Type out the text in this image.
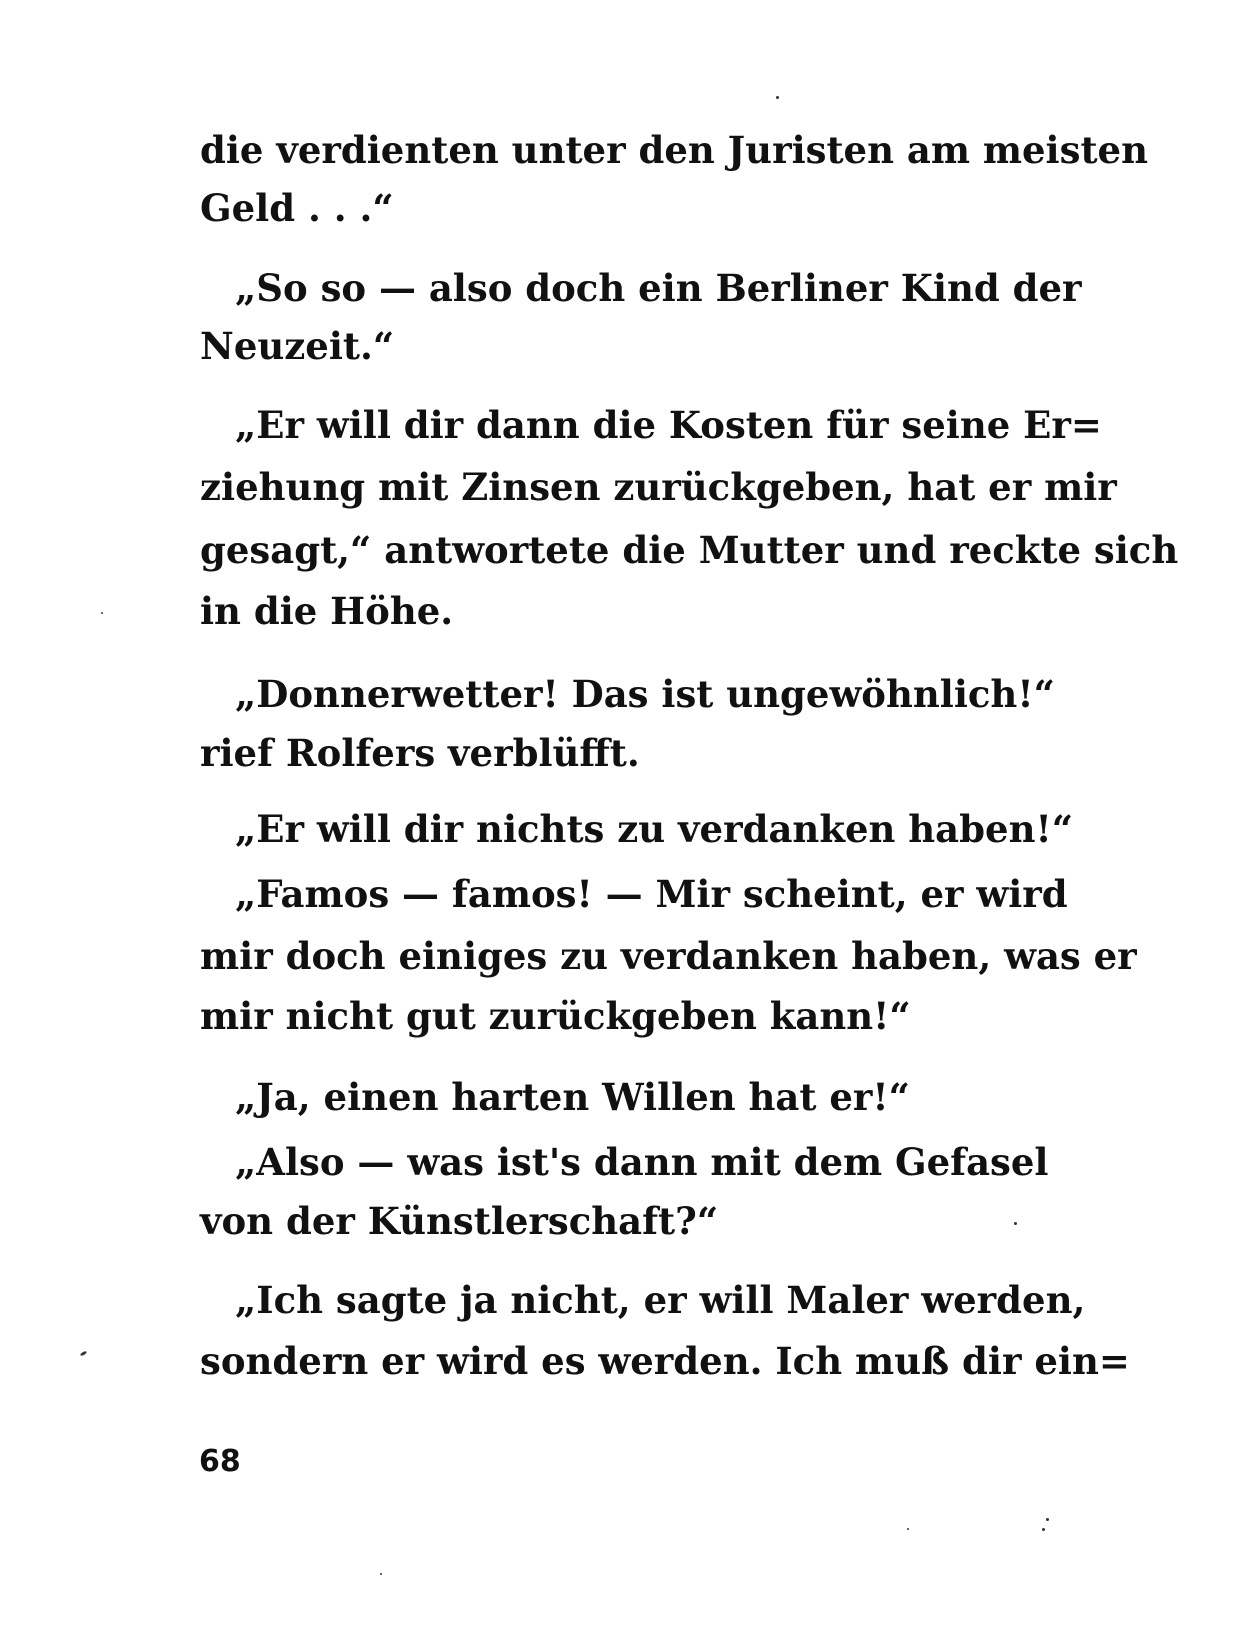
die verdienten unter den Juristen am meisten
Geld . . .“
„So so — also doch ein Berliner Kind der
Neuzeit.“
„Er will dir dann die Kosten für seine Er=
ziehung mit Zinsen zurückgeben, hat er mir
gesagt,“ antwortete die Mutter und reckte sich
in die Höhe.
„Donnerwetter! Das ist ungewöhnlich!“
rief Rolfers verblüfft.
„Er will dir nichts zu verdanken haben!“
„Famos — famos! — Mir scheint, er wird
mir doch einiges zu verdanken haben, was er
mir nicht gut zurückgeben kann!“
„Ja, einen harten Willen hat er!“
„Also — was ist's dann mit dem Gefasel
von der Künstlerschaft?“
„Ich sagte ja nicht, er will Maler werden,
sondern er wird es werden. Ich muß dir ein=
68
